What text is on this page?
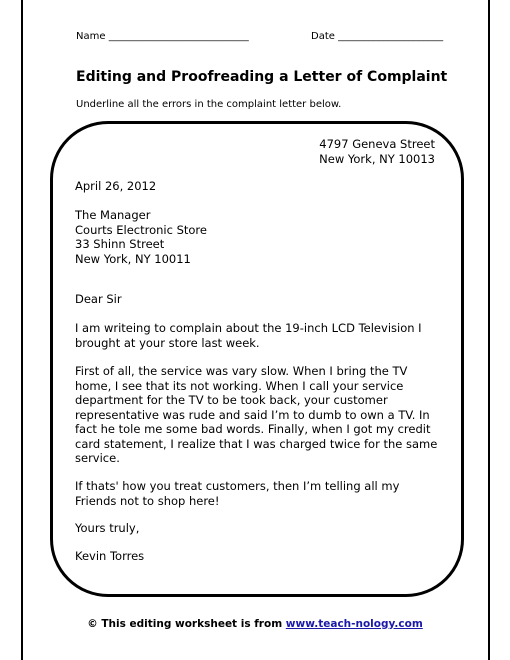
Name ____________________________	Date _____________________
Editing and Proofreading a Letter of Complaint
Underline all the errors in the complaint letter below.
4797 Geneva Street
New York, NY 10013
April 26, 2012
The Manager
Courts Electronic Store
33 Shinn Street
New York, NY 10011
Dear Sir
I am writeing to complain about the 19-inch LCD Television I brought at your store last week.
First of all, the service was vary slow. When I bring the TV home, I see that its not working. When I call your service department for the TV to be took back, your customer representative was rude and said I’m to dumb to own a TV. In fact he tole me some bad words. Finally, when I got my credit card statement, I realize that I was charged twice for the same service.
If thats' how you treat customers, then I’m telling all my Friends not to shop here!
Yours truly,
Kevin Torres
© This editing worksheet is from www.teach-nology.com
